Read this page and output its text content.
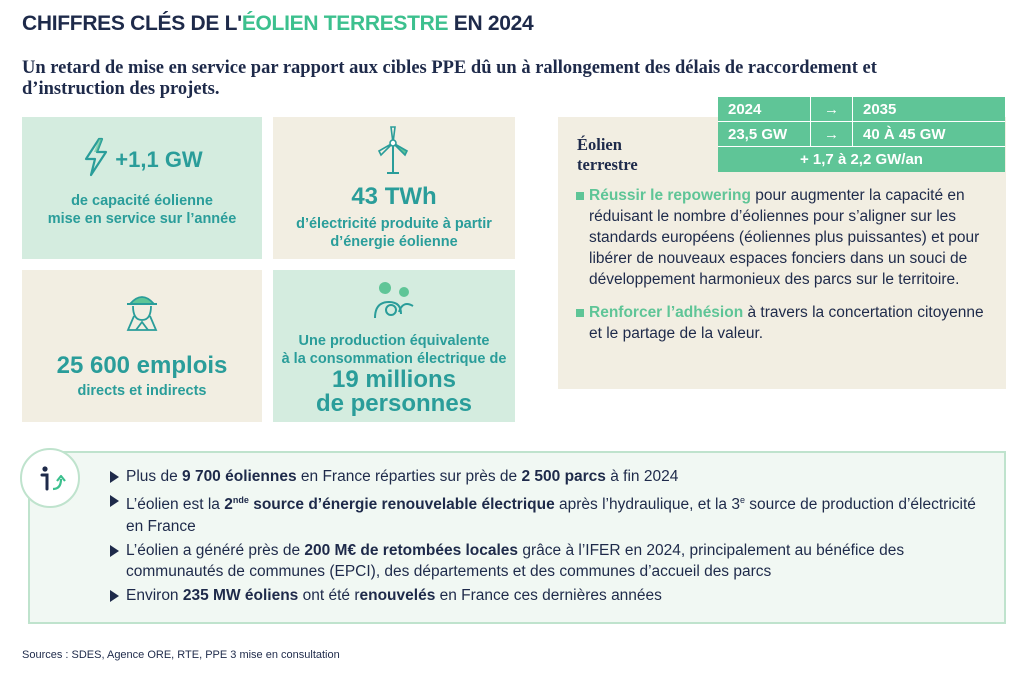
CHIFFRES CLÉS DE L'ÉOLIEN TERRESTRE EN 2024
Un retard de mise en service par rapport aux cibles PPE dû un à rallongement des délais de raccordement et d’instruction des projets.
+1,1 GW
de capacité éolienne
mise en service sur l’année
43 TWh
d’électricité produite à partir
d’énergie éolienne
25 600 emplois
directs et indirects
Une production équivalente
à la consommation électrique de
19 millions
de personnes
Éolien
terrestre
2024	→	2035
23,5 GW	→	40 À 45 GW
+ 1,7 à 2,2 GW/an
Réussir le repowering pour augmenter la capacité en réduisant le nombre d’éoliennes pour s’aligner sur les standards européens (éoliennes plus puissantes) et pour libérer de nouveaux espaces fonciers dans un souci de développement harmonieux des parcs sur le territoire.
Renforcer l’adhésion à travers la concertation citoyenne et le partage de la valeur.
Plus de 9 700 éoliennes en France réparties sur près de 2 500 parcs à fin 2024
L’éolien est la 2nde source d’énergie renouvelable électrique après l’hydraulique, et la 3e source de production d’électricité en France
L’éolien a généré près de 200 M€ de retombées locales grâce à l’IFER en 2024, principalement au bénéfice des communautés de communes (EPCI), des départements et des communes d’accueil des parcs
Environ 235 MW éoliens ont été renouvelés en France ces dernières années
Sources : SDES, Agence ORE, RTE, PPE 3 mise en consultation
